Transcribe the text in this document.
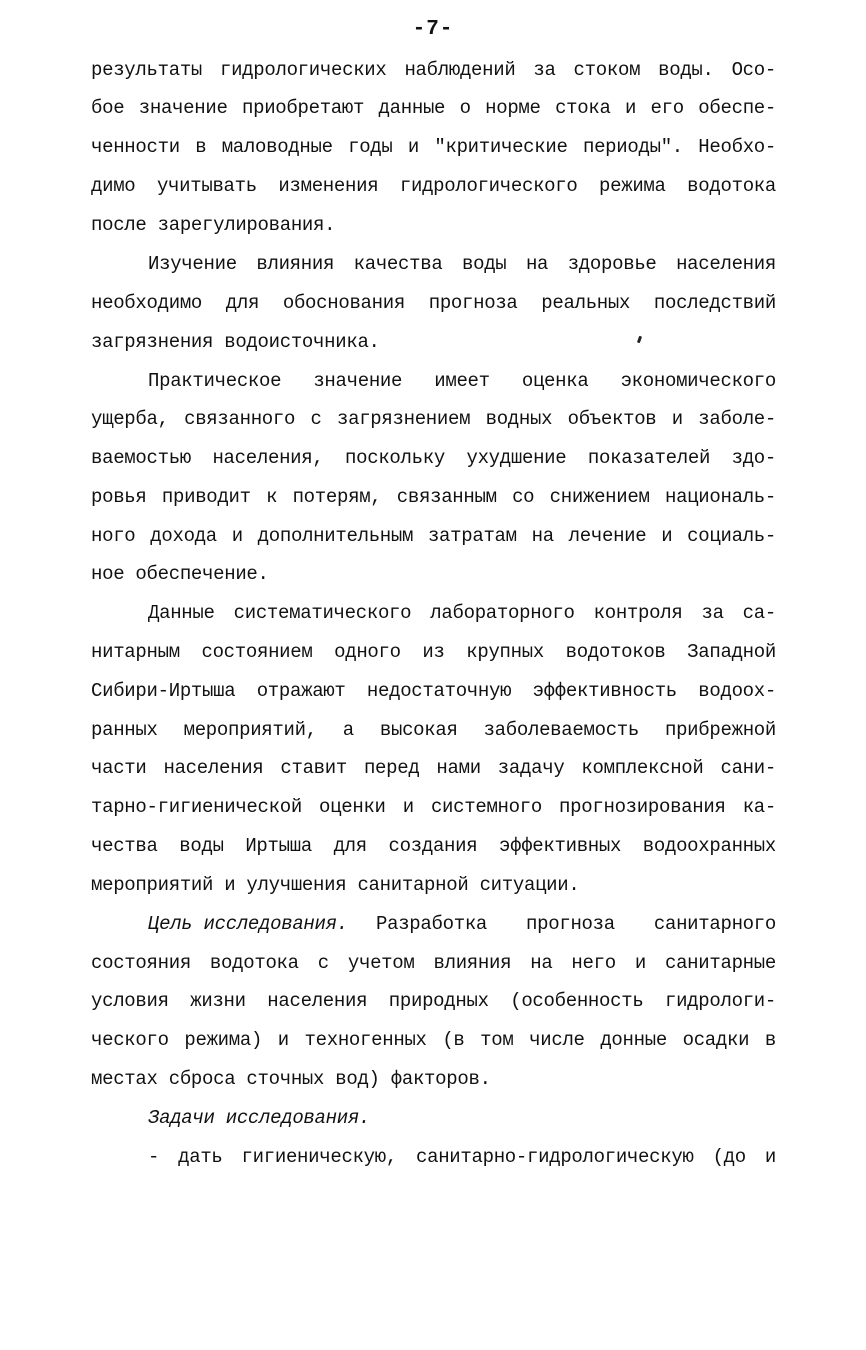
-7-
результаты гидрологических наблюдений за стоком воды. Осо-
бое значение приобретают данные о норме стока и его обеспе-
ченности в маловодные годы и "критические периоды". Необхо-
димо учитывать изменения гидрологического режима водотока
после зарегулирования.
Изучение влияния качества воды на здоровье населения
необходимо для обоснования прогноза реальных последствий
загрязнения водоисточника.
Практическое значение имеет оценка экономического
ущерба, связанного с загрязнением водных объектов и заболе-
ваемостью населения, поскольку ухудшение показателей здо-
ровья приводит к потерям, связанным со снижением националь-
ного дохода и дополнительным затратам на лечение и социаль-
ное обеспечение.
Данные систематического лабораторного контроля за са-
нитарным состоянием одного из крупных водотоков Западной
Сибири-Иртыша отражают недостаточную эффективность водоох-
ранных мероприятий, а высокая заболеваемость прибрежной
части населения ставит перед нами задачу комплексной сани-
тарно-гигиенической оценки и системного прогнозирования ка-
чества воды Иртыша для создания эффективных водоохранных
мероприятий и улучшения санитарной ситуации.
Цель исследования.	Разработка прогноза санитарного
состояния водотока с учетом влияния на него и санитарные
условия жизни населения природных (особенность гидрологи-
ческого режима) и техногенных (в том числе донные осадки в
местах сброса сточных вод) факторов.
Задачи исследования.
- дать гигиеническую, санитарно-гидрологическую (до и
